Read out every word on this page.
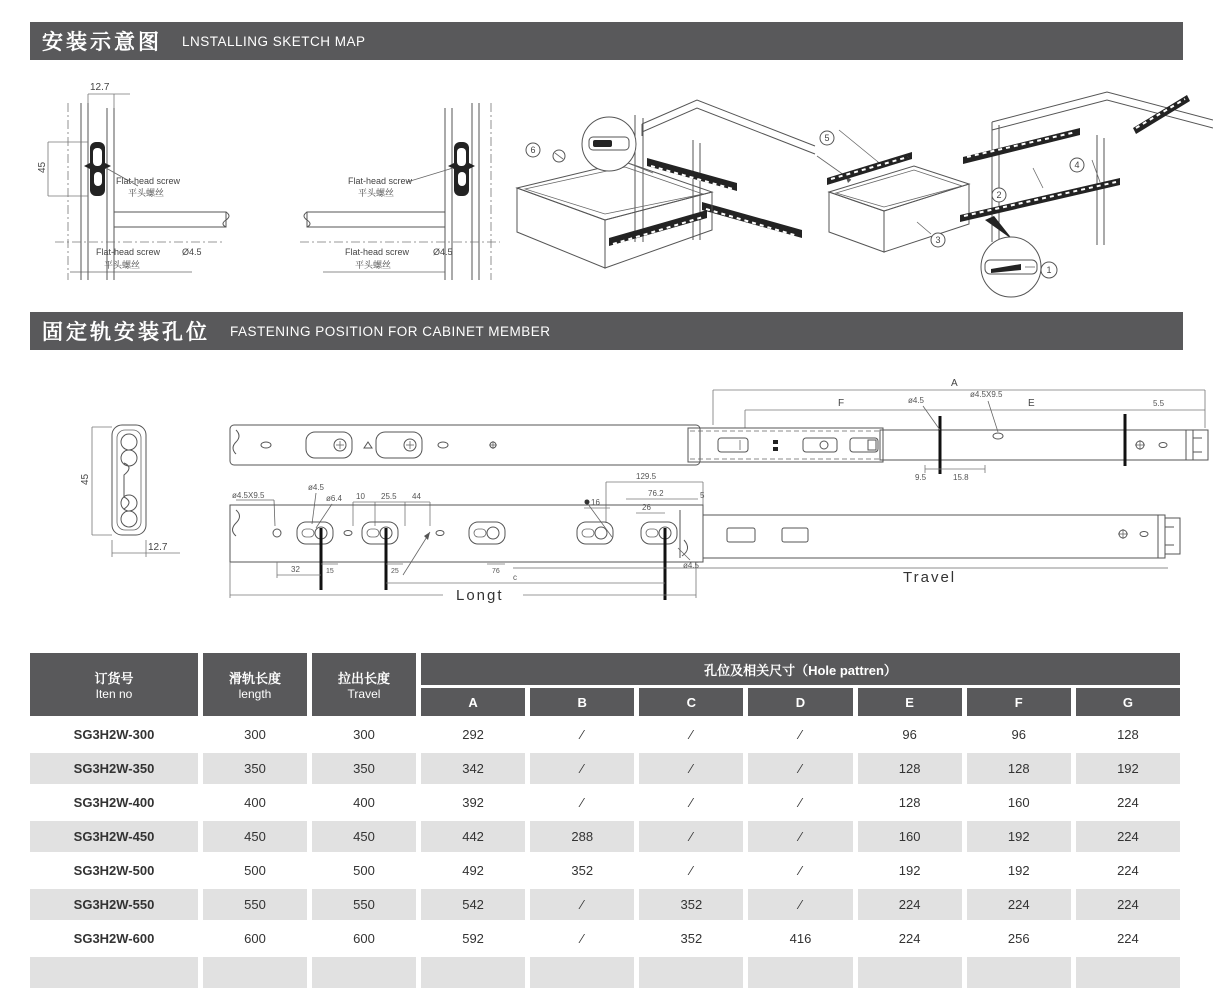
安装示意图 LNSTALLING SKETCH MAP
12.7
45
Flat-head screw
平头螺丝
Flat-head screw Ø4.5
平头螺丝
Flat-head screw
平头螺丝
Flat-head screw	Ø4.5
平头螺丝
6
5
3
2
4
1
固定轨安装孔位 FASTENING POSITION FOR CABINET MEMBER
45
12.7
A
F	E	5.5
ø4.5
ø4.5X9.5
9.5	15.8
129.5
ø4.5X9.5
ø4.5
ø6.4 10 25.5 44
16
76.2
26
5
ø4.5
15	25	76
32
c
Longt
Travel
订货号
Iten no

滑轨长度
length

拉出长度
Travel
	孔位及相关尺寸（Hole pattren）
			A	B	C	D	E	F	G
SG3H2W-300	300	300	292	∕	∕	∕	96	96	128
SG3H2W-350	350	350	342	∕	∕	∕	128	128	192
SG3H2W-400	400	400	392	∕	∕	∕	128	160	224
SG3H2W-450	450	450	442	288	∕	∕	160	192	224
SG3H2W-500	500	500	492	352	∕	∕	192	192	224
SG3H2W-550	550	550	542	∕	352	∕	224	224	224
SG3H2W-600	600	600	592	∕	352	416	224	256	224
